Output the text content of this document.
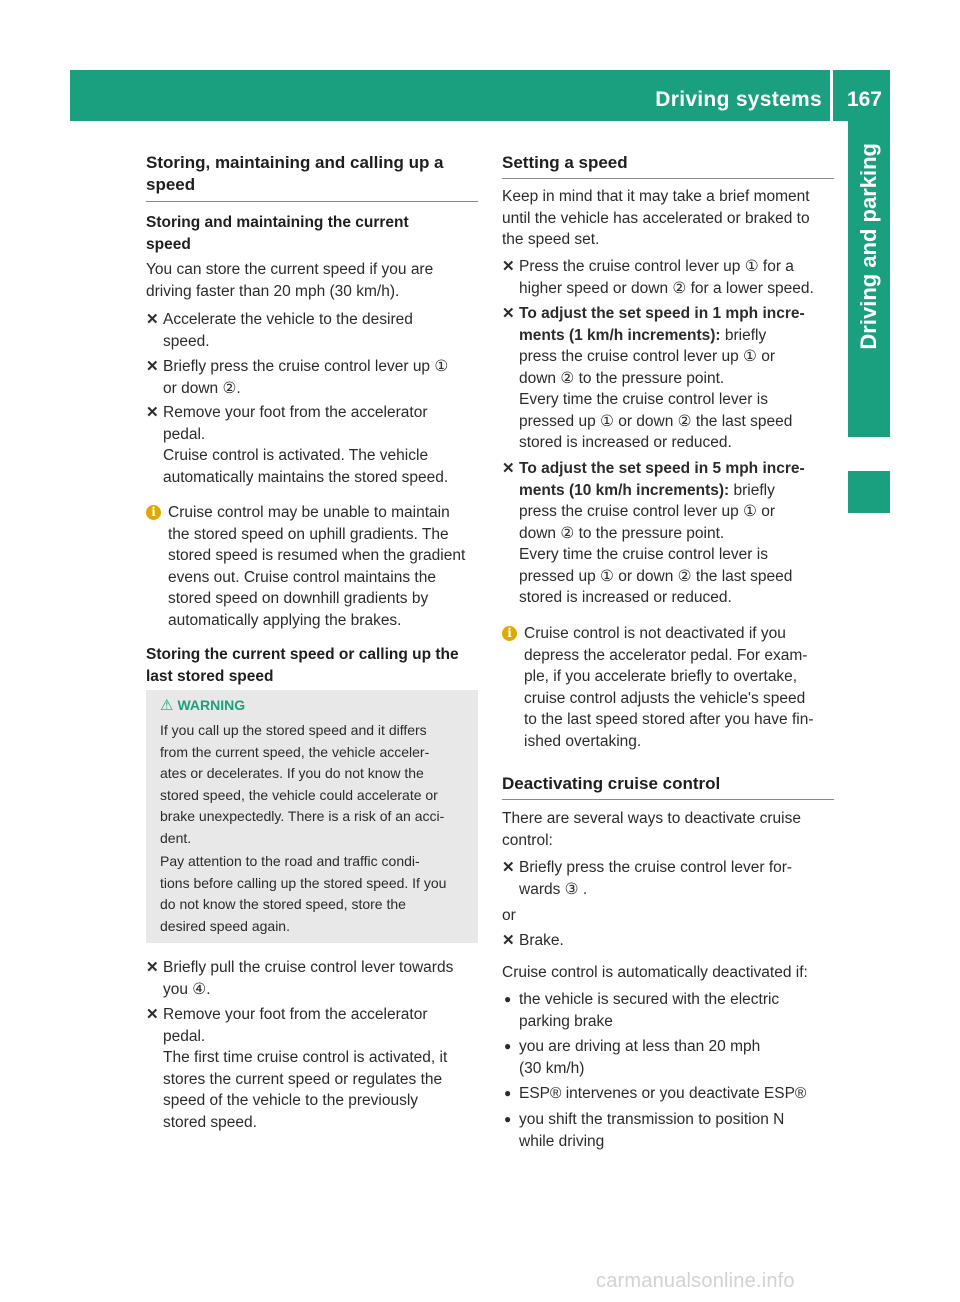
Driving systems 167
Driving and parking
Storing, maintaining and calling up a
speed
Storing and maintaining the current
speed
You can store the current speed if you are
driving faster than 20 mph (30 km/h).
✕ Accelerate the vehicle to the desired
speed.
✕ Briefly press the cruise control lever up ①
or down ②.
✕ Remove your foot from the accelerator
pedal.
Cruise control is activated. The vehicle
automatically maintains the stored speed.
i Cruise control may be unable to maintain
the stored speed on uphill gradients. The
stored speed is resumed when the gradient
evens out. Cruise control maintains the
stored speed on downhill gradients by
automatically applying the brakes.
Storing the current speed or calling up the
last stored speed
⚠ WARNING
If you call up the stored speed and it differs
from the current speed, the vehicle acceler-
ates or decelerates. If you do not know the
stored speed, the vehicle could accelerate or
brake unexpectedly. There is a risk of an acci-
dent.
Pay attention to the road and traffic condi-
tions before calling up the stored speed. If you
do not know the stored speed, store the
desired speed again.
✕ Briefly pull the cruise control lever towards
you ④.
✕ Remove your foot from the accelerator
pedal.
The first time cruise control is activated, it
stores the current speed or regulates the
speed of the vehicle to the previously
stored speed.
Setting a speed
Keep in mind that it may take a brief moment
until the vehicle has accelerated or braked to
the speed set.
✕ Press the cruise control lever up ① for a
higher speed or down ② for a lower speed.
✕ To adjust the set speed in 1 mph incre-
ments (1 km/h increments): briefly
press the cruise control lever up ① or
down ② to the pressure point.
Every time the cruise control lever is
pressed up ① or down ② the last speed
stored is increased or reduced.
✕ To adjust the set speed in 5 mph incre-
ments (10 km/h increments): briefly
press the cruise control lever up ① or
down ② to the pressure point.
Every time the cruise control lever is
pressed up ① or down ② the last speed
stored is increased or reduced.
i Cruise control is not deactivated if you
depress the accelerator pedal. For exam-
ple, if you accelerate briefly to overtake,
cruise control adjusts the vehicle's speed
to the last speed stored after you have fin-
ished overtaking.
Deactivating cruise control
There are several ways to deactivate cruise
control:
✕ Briefly press the cruise control lever for-
wards ③ .
or
✕ Brake.
Cruise control is automatically deactivated if:
● the vehicle is secured with the electric
parking brake
● you are driving at less than 20 mph
(30 km/h)
● ESP® intervenes or you deactivate ESP®
● you shift the transmission to position N
while driving
carmanualsonline.info
